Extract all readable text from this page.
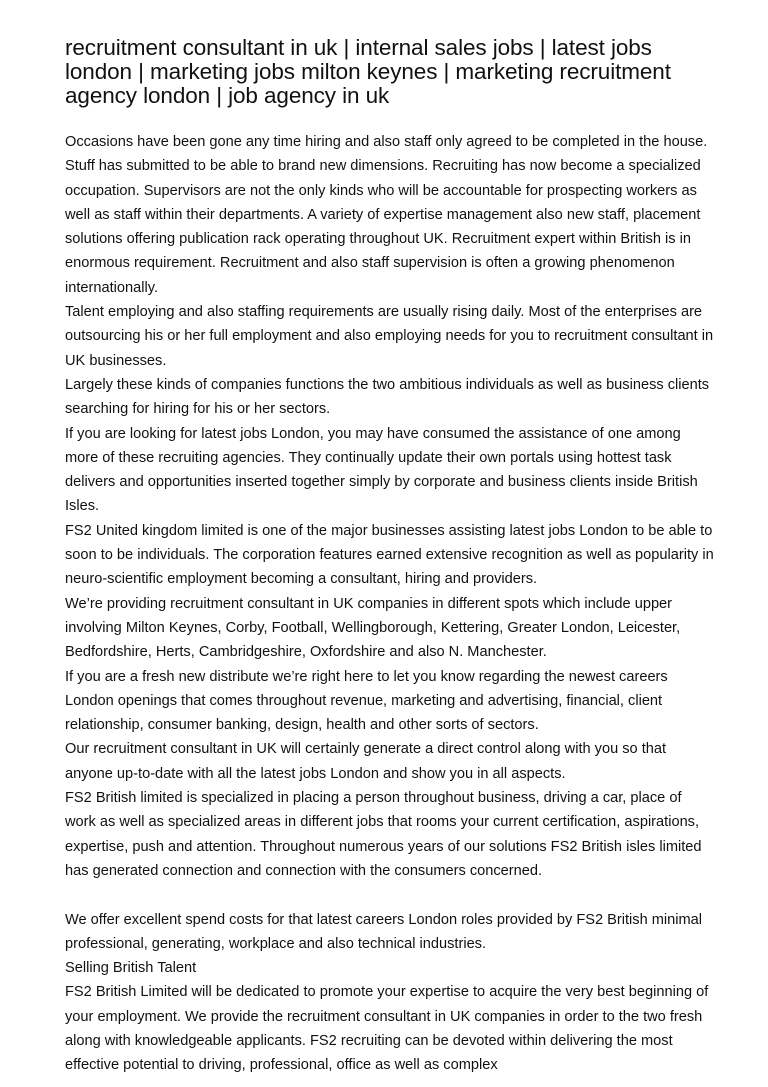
recruitment consultant in uk | internal sales jobs | latest jobs london | marketing jobs milton keynes | marketing recruitment agency london | job agency in uk

Occasions have been gone any time hiring and also staff only agreed to be completed in the house. Stuff has submitted to be able to brand new dimensions. Recruiting has now become a specialized occupation. Supervisors are not the only kinds who will be accountable for prospecting workers as well as staff within their departments. A variety of expertise management also new staff, placement solutions offering publication rack operating throughout UK. Recruitment expert within British is in enormous requirement. Recruitment and also staff supervision is often a growing phenomenon internationally.

Talent employing and also staffing requirements are usually rising daily. Most of the enterprises are outsourcing his or her full employment and also employing needs for you to recruitment consultant in UK businesses.

Largely these kinds of companies functions the two ambitious individuals as well as business clients searching for hiring for his or her sectors.

If you are looking for latest jobs London, you may have consumed the assistance of one among more of these recruiting agencies. They continually update their own portals using hottest task delivers and opportunities inserted together simply by corporate and business clients inside British Isles.

FS2 United kingdom limited is one of the major businesses assisting latest jobs London to be able to soon to be individuals. The corporation features earned extensive recognition as well as popularity in neuro-scientific employment becoming a consultant, hiring and providers.

We’re providing recruitment consultant in UK companies in different spots which include upper involving Milton Keynes, Corby, Football, Wellingborough, Kettering, Greater London, Leicester, Bedfordshire, Herts, Cambridgeshire, Oxfordshire and also N. Manchester.

If you are a fresh new distribute we’re right here to let you know regarding the newest careers London openings that comes throughout revenue, marketing and advertising, financial, client relationship, consumer banking, design, health and other sorts of sectors.

Our recruitment consultant in UK will certainly generate a direct control along with you so that anyone up-to-date with all the latest jobs London and show you in all aspects.

FS2 British limited is specialized in placing a person throughout business, driving a car, place of work as well as specialized areas in different jobs that rooms your current certification, aspirations, expertise, push and attention. Throughout numerous years of our solutions FS2 British isles limited has generated connection and connection with the consumers concerned.

We offer excellent spend costs for that latest careers London roles provided by FS2 British minimal professional, generating, workplace and also technical industries.

Selling British Talent

FS2 British Limited will be dedicated to promote your expertise to acquire the very best beginning of your employment. We provide the recruitment consultant in UK companies in order to the two fresh along with knowledgeable applicants. FS2 recruiting can be devoted within delivering the most effective potential to driving, professional, office as well as complex
